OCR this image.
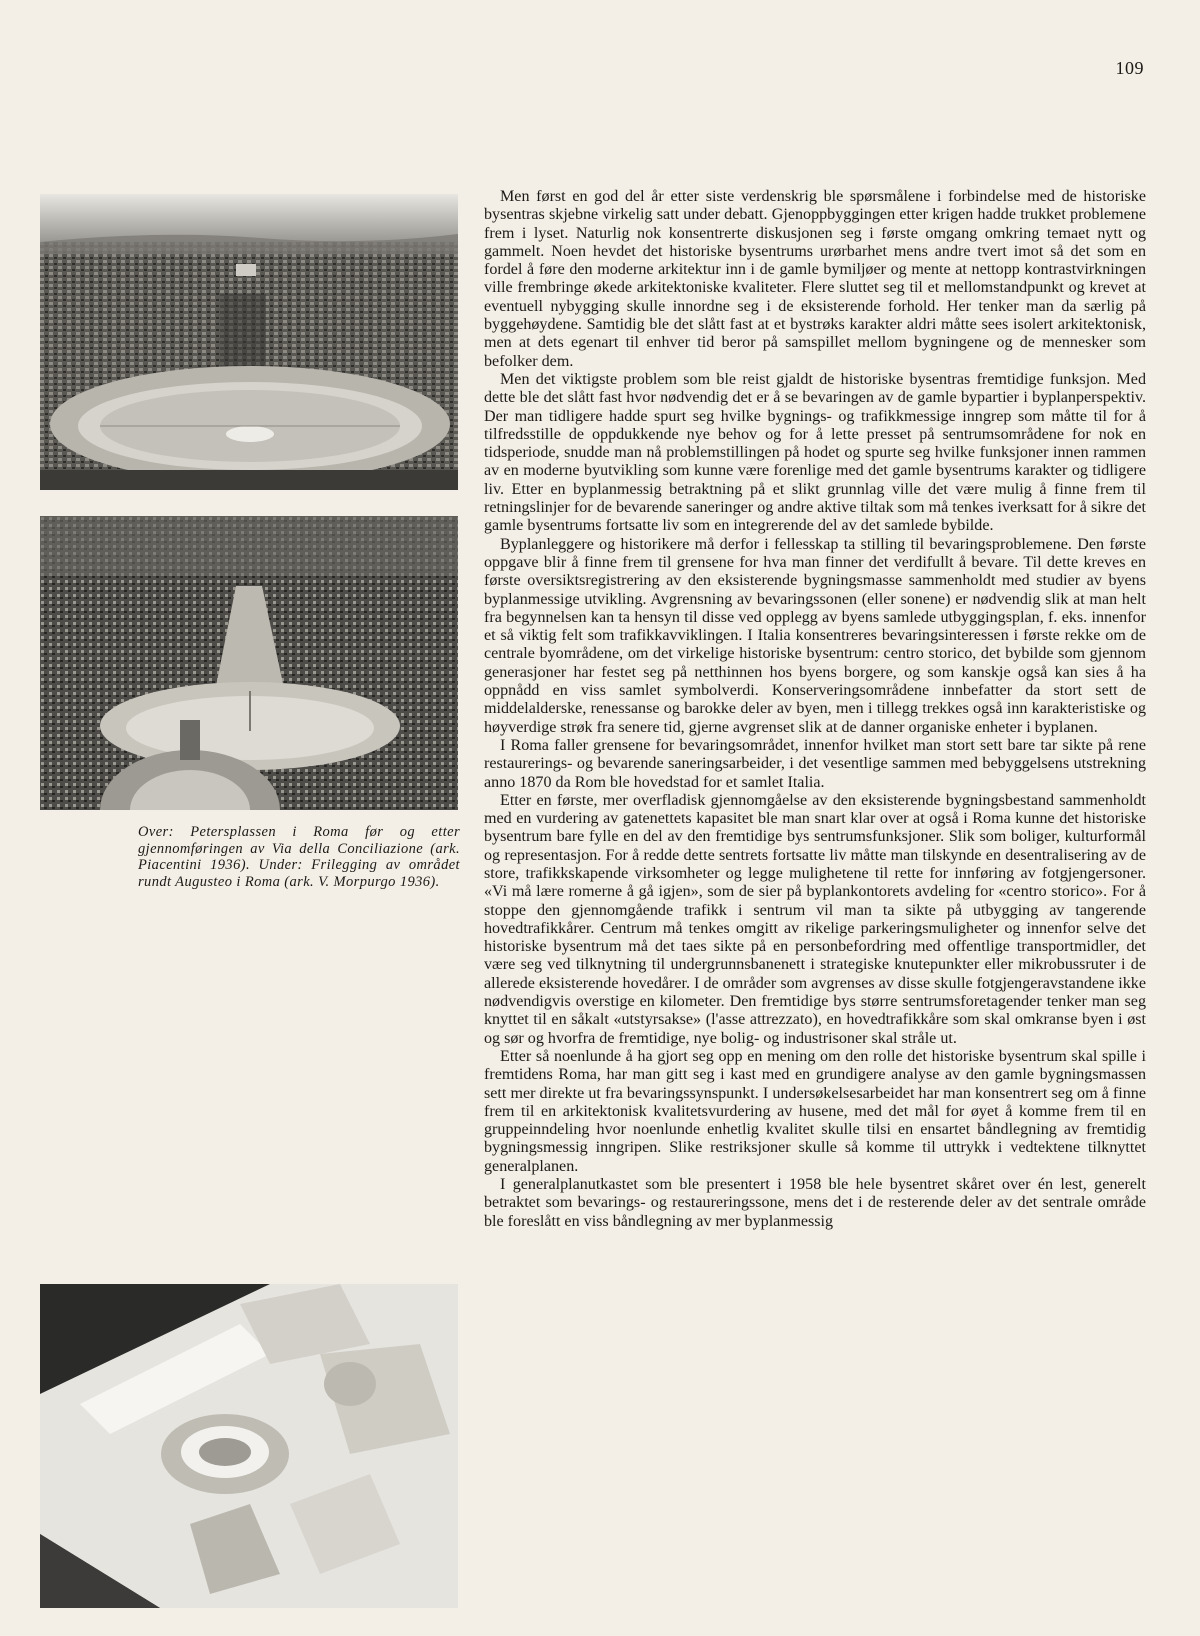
109
Over: Petersplassen i Roma før og etter gjennomføringen av Via della Conciliazione (ark. Piacentini 1936). Under: Frilegging av området rundt Augusteo i Roma (ark. V. Morpurgo 1936).

Men først en god del år etter siste verdenskrig ble spørsmålene i forbindelse med de historiske bysentras skjebne virkelig satt under debatt. Gjenoppbyggingen etter krigen hadde trukket problemene frem i lyset. Naturlig nok konsentrerte diskusjonen seg i første omgang omkring temaet nytt og gammelt. Noen hevdet det historiske bysentrums urørbarhet mens andre tvert imot så det som en fordel å føre den moderne arkitektur inn i de gamle bymiljøer og mente at nettopp kontrastvirkningen ville frembringe økede arkitektoniske kvaliteter. Flere sluttet seg til et mellomstandpunkt og krevet at eventuell nybygging skulle innordne seg i de eksisterende forhold. Her tenker man da særlig på byggehøydene. Samtidig ble det slått fast at et bystrøks karakter aldri måtte sees isolert arkitektonisk, men at dets egenart til enhver tid beror på samspillet mellom bygningene og de mennesker som befolker dem.

Men det viktigste problem som ble reist gjaldt de historiske bysentras fremtidige funksjon. Med dette ble det slått fast hvor nødvendig det er å se bevaringen av de gamle bypartier i byplanperspektiv. Der man tidligere hadde spurt seg hvilke bygnings- og trafikkmessige inngrep som måtte til for å tilfredsstille de oppdukkende nye behov og for å lette presset på sentrumsområdene for nok en tidsperiode, snudde man nå problemstillingen på hodet og spurte seg hvilke funksjoner innen rammen av en moderne byutvikling som kunne være forenlige med det gamle bysentrums karakter og tidligere liv. Etter en byplanmessig betraktning på et slikt grunnlag ville det være mulig å finne frem til retningslinjer for de bevarende saneringer og andre aktive tiltak som må tenkes iverksatt for å sikre det gamle bysentrums fortsatte liv som en integrerende del av det samlede bybilde.

Byplanleggere og historikere må derfor i fellesskap ta stilling til bevaringsproblemene. Den første oppgave blir å finne frem til grensene for hva man finner det verdifullt å bevare. Til dette kreves en første oversiktsregistrering av den eksisterende bygningsmasse sammenholdt med studier av byens byplanmessige utvikling. Avgrensning av bevaringssonen (eller sonene) er nødvendig slik at man helt fra begynnelsen kan ta hensyn til disse ved opplegg av byens samlede utbyggingsplan, f. eks. innenfor et så viktig felt som trafikkavviklingen. I Italia konsentreres bevaringsinteressen i første rekke om de centrale byområdene, om det virkelige historiske bysentrum: centro storico, det bybilde som gjennom generasjoner har festet seg på netthinnen hos byens borgere, og som kanskje også kan sies å ha oppnådd en viss samlet symbolverdi. Konserveringsområdene innbefatter da stort sett de middelalderske, renessanse og barokke deler av byen, men i tillegg trekkes også inn karakteristiske og høyverdige strøk fra senere tid, gjerne avgrenset slik at de danner organiske enheter i byplanen.

I Roma faller grensene for bevaringsområdet, innenfor hvilket man stort sett bare tar sikte på rene restaurerings- og bevarende saneringsarbeider, i det vesentlige sammen med bebyggelsens utstrekning anno 1870 da Rom ble hovedstad for et samlet Italia.

Etter en første, mer overfladisk gjennomgåelse av den eksisterende bygningsbestand sammenholdt med en vurdering av gatenettets kapasitet ble man snart klar over at også i Roma kunne det historiske bysentrum bare fylle en del av den fremtidige bys sentrumsfunksjoner. Slik som boliger, kulturformål og representasjon. For å redde dette sentrets fortsatte liv måtte man tilskynde en desentralisering av de store, trafikkskapende virksomheter og legge mulighetene til rette for innføring av fotgjengersoner. «Vi må lære romerne å gå igjen», som de sier på byplankontorets avdeling for «centro storico». For å stoppe den gjennomgående trafikk i sentrum vil man ta sikte på utbygging av tangerende hovedtrafikkårer. Centrum må tenkes omgitt av rikelige parkeringsmuligheter og innenfor selve det historiske bysentrum må det taes sikte på en personbefordring med offentlige transportmidler, det være seg ved tilknytning til undergrunnsbanenett i strategiske knutepunkter eller mikrobussruter i de allerede eksisterende hovedårer. I de områder som avgrenses av disse skulle fotgjengeravstandene ikke nødvendigvis overstige en kilometer. Den fremtidige bys større sentrumsforetagender tenker man seg knyttet til en såkalt «utstyrsakse» (l'asse attrezzato), en hovedtrafikkåre som skal omkranse byen i øst og sør og hvorfra de fremtidige, nye bolig- og industrisoner skal stråle ut.

Etter så noenlunde å ha gjort seg opp en mening om den rolle det historiske bysentrum skal spille i fremtidens Roma, har man gitt seg i kast med en grundigere analyse av den gamle bygningsmassen sett mer direkte ut fra bevaringssynspunkt. I undersøkelsesarbeidet har man konsentrert seg om å finne frem til en arkitektonisk kvalitetsvurdering av husene, med det mål for øyet å komme frem til en gruppeinndeling hvor noenlunde enhetlig kvalitet skulle tilsi en ensartet båndlegning av fremtidig bygningsmessig inngripen. Slike restriksjoner skulle så komme til uttrykk i vedtektene tilknyttet generalplanen.

I generalplanutkastet som ble presentert i 1958 ble hele bysentret skåret over én lest, generelt betraktet som bevarings- og restaureringssone, mens det i de resterende deler av det sentrale område ble foreslått en viss båndlegning av mer byplanmessig
